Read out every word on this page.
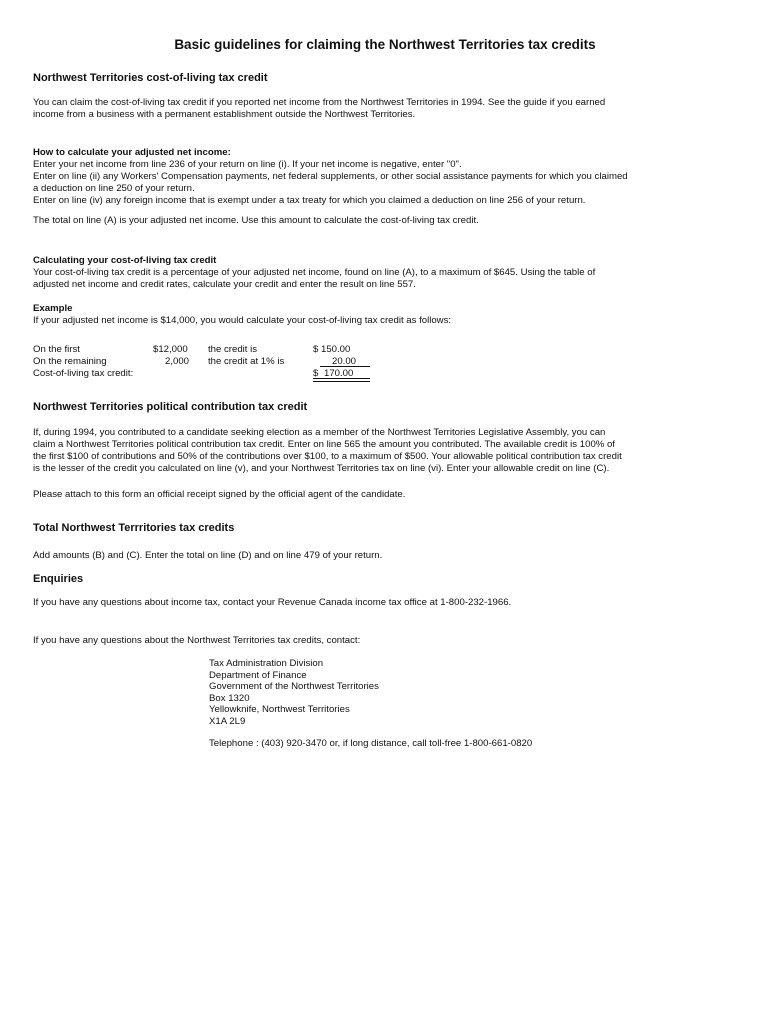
Basic guidelines for claiming the Northwest Territories tax credits
Northwest Territories cost-of-living tax credit
You can claim the cost-of-living tax credit if you reported net income from the Northwest Territories in 1994. See the guide if you earned
income from a business with a permanent establishment outside the Northwest Territories.
How to calculate your adjusted net income:
Enter your net income from line 236 of your return on line (i). If your net income is negative, enter "0".
Enter on line (ii) any Workers' Compensation payments, net federal supplements, or other social assistance payments for which you claimed
a deduction on line 250 of your return.
Enter on line (iv) any foreign income that is exempt under a tax treaty for which you claimed a deduction on line 256 of your return.
The total on line (A) is your adjusted net income. Use this amount to calculate the cost-of-living tax credit.
Calculating your cost-of-living tax credit
Your cost-of-living tax credit is a percentage of your adjusted net income, found on line (A), to a maximum of $645. Using the table of
adjusted net income and credit rates, calculate your credit and enter the result on line 557.
Example
If your adjusted net income is $14,000, you would calculate your cost-of-living tax credit as follows:
On the first	$12,000 the credit is	$ 150.00
On the remaining	2,000 the credit at 1% is	20.00
Cost-of-living tax credit:	$ 170.00
Northwest Territories political contribution tax credit
If, during 1994, you contributed to a candidate seeking election as a member of the Northwest Territories Legislative Assembly, you can
claim a Northwest Territories political contribution tax credit. Enter on line 565 the amount you contributed. The available credit is 100% of
the first $100 of contributions and 50% of the contributions over $100, to a maximum of $500. Your allowable political contribution tax credit
is the lesser of the credit you calculated on line (v), and your Northwest Territories tax on line (vi). Enter your allowable credit on line (C).
Please attach to this form an official receipt signed by the official agent of the candidate.
Total Northwest Terrritories tax credits
Add amounts (B) and (C). Enter the total on line (D) and on line 479 of your return.
Enquiries
If you have any questions about income tax, contact your Revenue Canada income tax office at 1-800-232-1966.
If you have any questions about the Northwest Territories tax credits, contact:
Tax Administration Division
Department of Finance
Government of the Northwest Territories
Box 1320
Yellowknife, Northwest Territories
X1A 2L9
Telephone : (403) 920-3470 or, if long distance, call toll-free 1-800-661-0820
